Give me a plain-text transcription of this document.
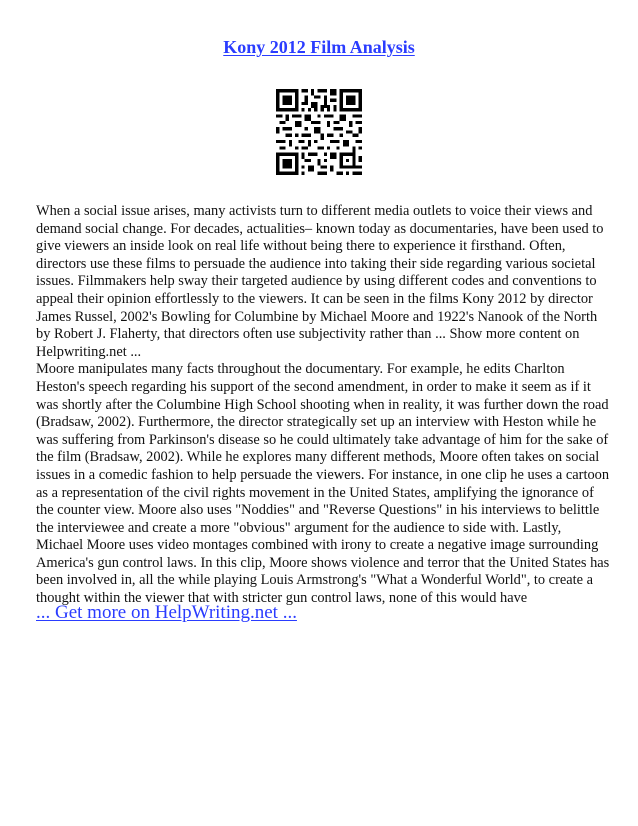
Kony 2012 Film Analysis

When a social issue arises, many activists turn to different media outlets to voice their views and demand social change. For decades, actualities– known today as documentaries, have been used to give viewers an inside look on real life without being there to experience it firsthand. Often, directors use these films to persuade the audience into taking their side regarding various societal issues. Filmmakers help sway their targeted audience by using different codes and conventions to appeal their opinion effortlessly to the viewers. It can be seen in the films Kony 2012 by director James Russel, 2002's Bowling for Columbine by Michael Moore and 1922's Nanook of the North by Robert J. Flaherty, that directors often use subjectivity rather than ... Show more content on Helpwriting.net ...

Moore manipulates many facts throughout the documentary. For example, he edits Charlton Heston's speech regarding his support of the second amendment, in order to make it seem as if it was shortly after the Columbine High School shooting when in reality, it was further down the road (Bradsaw, 2002). Furthermore, the director strategically set up an interview with Heston while he was suffering from Parkinson's disease so he could ultimately take advantage of him for the sake of the film (Bradsaw, 2002). While he explores many different methods, Moore often takes on social issues in a comedic fashion to help persuade the viewers. For instance, in one clip he uses a cartoon as a representation of the civil rights movement in the United States, amplifying the ignorance of the counter view. Moore also uses "Noddies" and "Reverse Questions" in his interviews to belittle the interviewee and create a more "obvious" argument for the audience to side with. Lastly, Michael Moore uses video montages combined with irony to create a negative image surrounding America's gun control laws. In this clip, Moore shows violence and terror that the United States has been involved in, all the while playing Louis Armstrong's "What a Wonderful World", to create a thought within the viewer that with stricter gun control laws, none of this would have

... Get more on HelpWriting.net ...
